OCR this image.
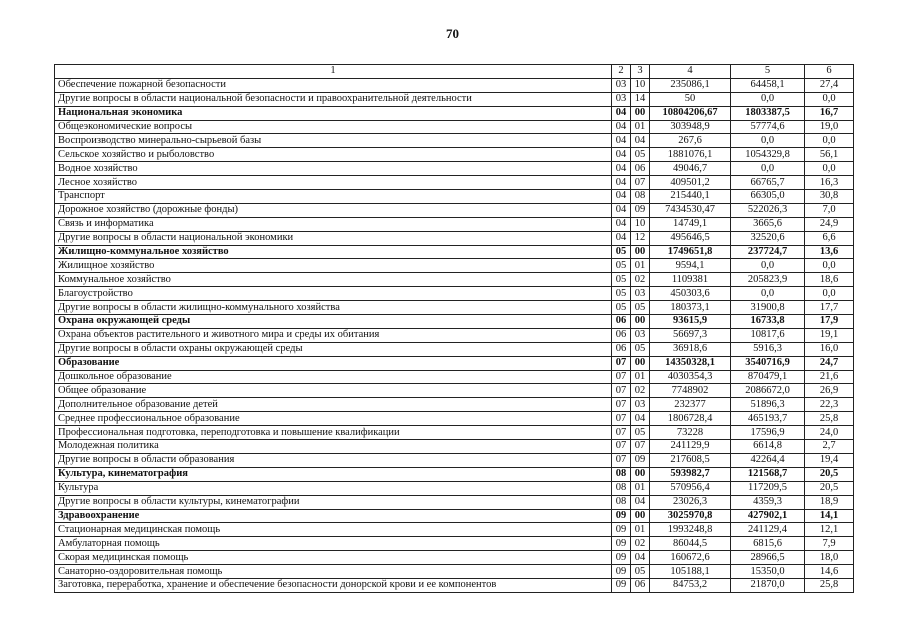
70
1	2	3	4	5	6
Обеспечение пожарной безопасности	03	10	235086,1	64458,1	27,4
Другие вопросы в области национальной безопасности и правоохранительной деятельности	03	14	50	0,0	0,0
Национальная экономика	04	00	10804206,67	1803387,5	16,7
Общеэкономические вопросы	04	01	303948,9	57774,6	19,0
Воспроизводство минерально-сырьевой базы	04	04	267,6	0,0	0,0
Сельское хозяйство и рыболовство	04	05	1881076,1	1054329,8	56,1
Водное хозяйство	04	06	49046,7	0,0	0,0
Лесное хозяйство	04	07	409501,2	66765,7	16,3
Транспорт	04	08	215440,1	66305,0	30,8
Дорожное хозяйство (дорожные фонды)	04	09	7434530,47	522026,3	7,0
Связь и информатика	04	10	14749,1	3665,6	24,9
Другие вопросы в области национальной экономики	04	12	495646,5	32520,6	6,6
Жилищно-коммунальное хозяйство	05	00	1749651,8	237724,7	13,6
Жилищное хозяйство	05	01	9594,1	0,0	0,0
Коммунальное хозяйство	05	02	1109381	205823,9	18,6
Благоустройство	05	03	450303,6	0,0	0,0
Другие вопросы в области жилищно-коммунального хозяйства	05	05	180373,1	31900,8	17,7
Охрана окружающей среды	06	00	93615,9	16733,8	17,9
Охрана объектов растительного и животного мира и среды их обитания	06	03	56697,3	10817,6	19,1
Другие вопросы в области охраны окружающей среды	06	05	36918,6	5916,3	16,0
Образование	07	00	14350328,1	3540716,9	24,7
Дошкольное образование	07	01	4030354,3	870479,1	21,6
Общее образование	07	02	7748902	2086672,0	26,9
Дополнительное образование детей	07	03	232377	51896,3	22,3
Среднее профессиональное образование	07	04	1806728,4	465193,7	25,8
Профессиональная подготовка, переподготовка и повышение квалификации	07	05	73228	17596,9	24,0
Молодежная политика	07	07	241129,9	6614,8	2,7
Другие вопросы в области образования	07	09	217608,5	42264,4	19,4
Культура, кинематография	08	00	593982,7	121568,7	20,5
Культура	08	01	570956,4	117209,5	20,5
Другие вопросы в области культуры, кинематографии	08	04	23026,3	4359,3	18,9
Здравоохранение	09	00	3025970,8	427902,1	14,1
Стационарная медицинская помощь	09	01	1993248,8	241129,4	12,1
Амбулаторная помощь	09	02	86044,5	6815,6	7,9
Скорая медицинская помощь	09	04	160672,6	28966,5	18,0
Санаторно-оздоровительная помощь	09	05	105188,1	15350,0	14,6
Заготовка, переработка, хранение и обеспечение безопасности донорской крови и ее компонентов	09	06	84753,2	21870,0	25,8
